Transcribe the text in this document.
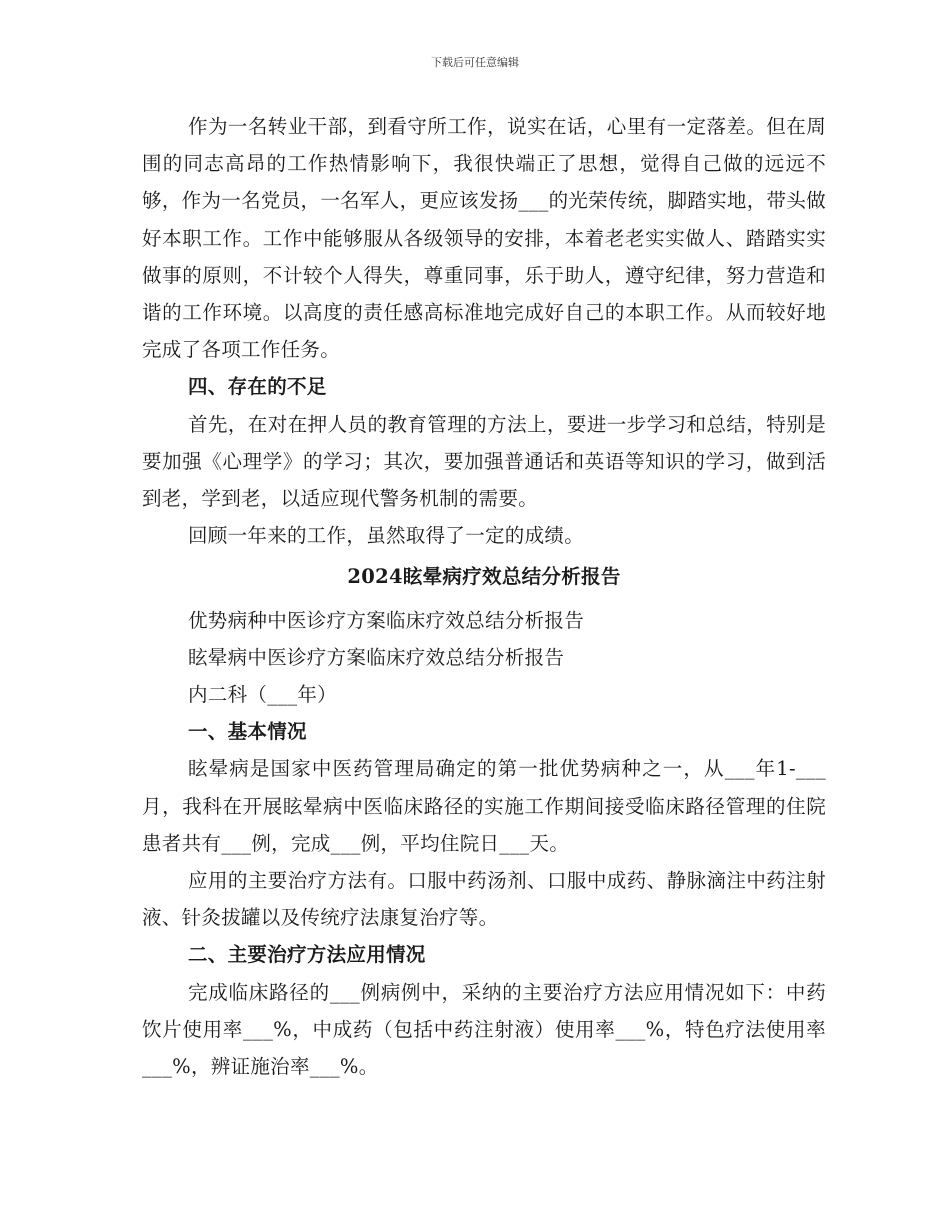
下载后可任意编辑

作为一名转业干部，到看守所工作，说实在话，心里有一定落差。但在周围的同志高昂的工作热情影响下，我很快端正了思想，觉得自己做的远远不够，作为一名党员，一名军人，更应该发扬___的光荣传统，脚踏实地，带头做好本职工作。工作中能够服从各级领导的安排，本着老老实实做人、踏踏实实做事的原则，不计较个人得失，尊重同事，乐于助人，遵守纪律，努力营造和谐的工作环境。以高度的责任感高标准地完成好自己的本职工作。从而较好地完成了各项工作任务。

四、存在的不足

首先，在对在押人员的教育管理的方法上，要进一步学习和总结，特别是要加强《心理学》的学习；其次，要加强普通话和英语等知识的学习，做到活到老，学到老，以适应现代警务机制的需要。

回顾一年来的工作，虽然取得了一定的成绩。

2024眩晕病疗效总结分析报告

优势病种中医诊疗方案临床疗效总结分析报告

眩晕病中医诊疗方案临床疗效总结分析报告

内二科（___年）

一、基本情况

眩晕病是国家中医药管理局确定的第一批优势病种之一，从___年1-___月，我科在开展眩晕病中医临床路径的实施工作期间接受临床路径管理的住院患者共有___例，完成___例，平均住院日___天。

应用的主要治疗方法有。口服中药汤剂、口服中成药、静脉滴注中药注射液、针灸拔罐以及传统疗法康复治疗等。

二、主要治疗方法应用情况

完成临床路径的___例病例中，采纳的主要治疗方法应用情况如下：中药饮片使用率___%，中成药（包括中药注射液）使用率___%，特色疗法使用率___%，辨证施治率___%。
